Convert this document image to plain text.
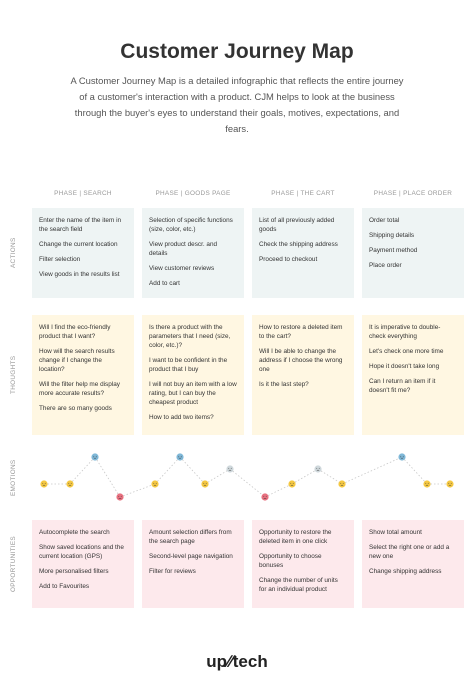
Customer Journey Map
A Customer Journey Map is a detailed infographic that reflects the entire journey of a customer's interaction with a product. CJM helps to look at the business through the buyer's eyes to understand their goals, motives, expectations, and fears.
PHASE | SEARCH	PHASE | GOODS PAGE	PHASE | THE CART	PHASE | PLACE ORDER
ACTIONS
THOUGHTS
EMOTIONS
OPPORTUNITIES
Enter the name of the item in the search field
Change the current location
Filter selection
View goods in the results list
Selection of specific functions (size, color, etc.)
View product descr. and details
View customer reviews
Add to cart
List of all previously added goods
Check the shipping address
Proceed to checkout
Order total
Shipping details
Payment method
Place order
Will I find the eco-friendly product that I want?
How will the search results change if I change the location?
Will the filter help me display more accurate results?
There are so many goods
Is there a product with the parameters that I need (size, color, etc.)?
I want to be confident in the product that I buy
I will not buy an item with a low rating, but I can buy the cheapest product
How to add two items?
How to restore a deleted item to the cart?
Will I be able to change the address if I choose the wrong one
Is it the last step?
It is imperative to double-check everything
Let's check one more time
Hope it doesn't take long
Can I return an item if it doesn't fit me?
Autocomplete the search
Show saved locations and the current location (GPS)
More personalised filters
Add to Favourites
Amount selection differs from the search page
Second-level page navigation
Filter for reviews
Opportunity to restore the deleted item in one click
Opportunity to choose bonuses
Change the number of units for an individual product
Show total amount
Select the right one or add a new one
Change shipping address
up∕∕tech
